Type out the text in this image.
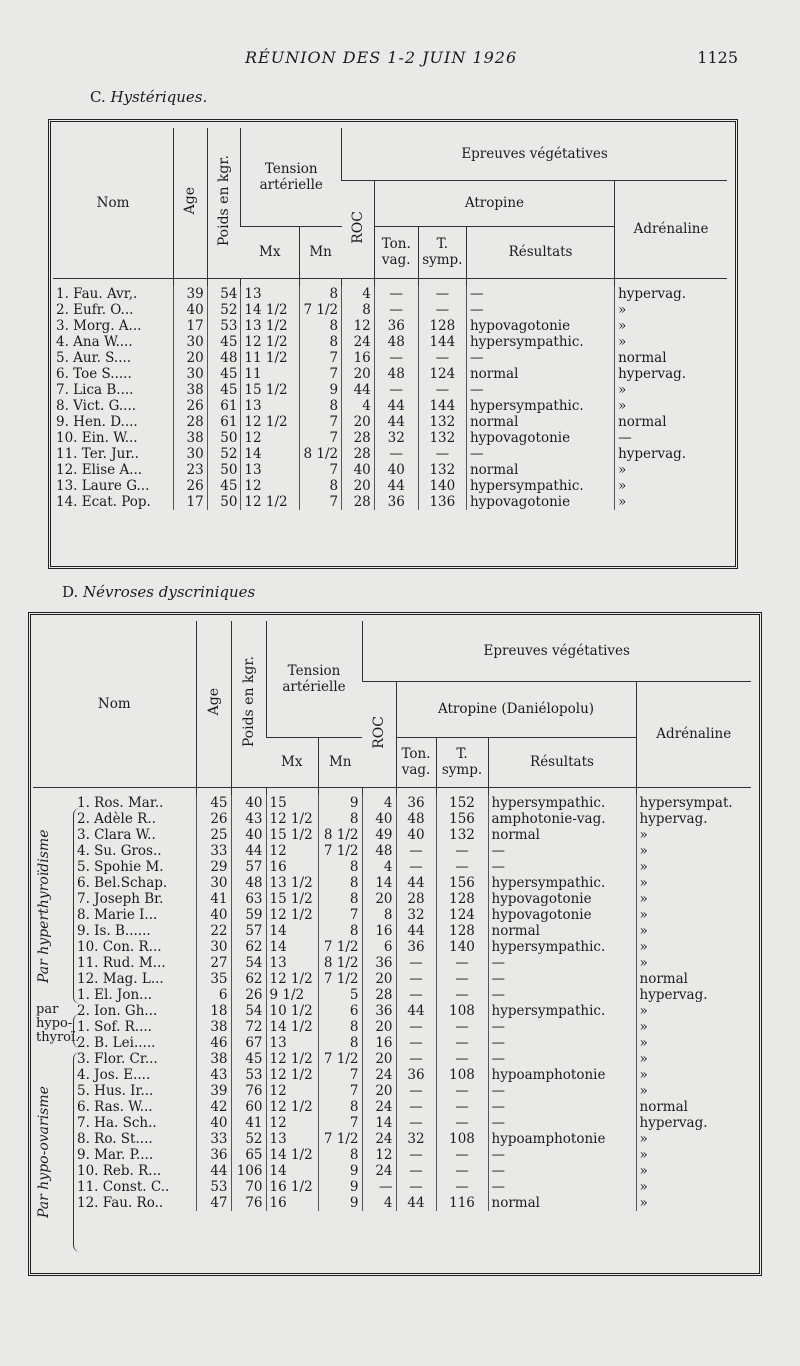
RÉUNION DES 1-2 JUIN 1926	1125
C. Hystériques.
Nom	Age	Poids en kgr.	Tension artérielle		Epreuves végétatives				
					ROC	Atropine			Adrénaline
			Mx	Mn		Ton. vag.	T. symp.	Résultats	

1. Fau. Avr,.	39	54	13	8	4	—	—	—	hypervag.
2. Eufr. O...	40	52	14 1/2	7 1/2	8	—	—	—	»
3. Morg. A...	17	53	13 1/2	8	12	36	128	hypovagotonie	»
4. Ana W....	30	45	12 1/2	8	24	48	144	hypersympathic.	»
5. Aur. S....	20	48	11 1/2	7	16	—	—	—	normal
6. Toe S.....	30	45	11	7	20	48	124	normal	hypervag.
7. Lica B....	38	45	15 1/2	9	44	—	—	—	»
8. Vict. G....	26	61	13	8	4	44	144	hypersympathic.	»
9. Hen. D....	28	61	12 1/2	7	20	44	132	normal	normal
10. Ein. W...	38	50	12	7	28	32	132	hypovagotonie	—
11. Ter. Jur..	30	52	14	8 1/2	28	—	—	—	hypervag.
12. Elise A...	23	50	13	7	40	40	132	normal	»
13. Laure G...	26	45	12	8	20	44	140	hypersympathic.	»
14. Ecat. Pop.	17	50	12 1/2	7	28	36	136	hypovagotonie	»
D. Névroses dyscriniques
Nom	Age	Poids en kgr.	Tension artérielle		Epreuves végétatives				
					ROC	Atropine (Daniélopolu)			Adrénaline
			Mx	Mn		Ton. vag.	T. symp.	Résultats	

1. Ros. Mar..	45	40	15	9	4	36	152	hypersympathic.	hypersympat.
2. Adèle R..	26	43	12 1/2	8	40	48	156	amphotonie-vag.	hypervag.
3. Clara W..	25	40	15 1/2	8 1/2	49	40	132	normal	»
4. Su. Gros..	33	44	12	7 1/2	48	—	—	—	»
5. Spohie M.	29	57	16	8	4	—	—	—	»
6. Bel.Schap.	30	48	13 1/2	8	14	44	156	hypersympathic.	»
7. Joseph Br.	41	63	15 1/2	8	20	28	128	hypovagotonie	»
8. Marie I...	40	59	12 1/2	7	8	32	124	hypovagotonie	»
9. Is. B......	22	57	14	8	16	44	128	normal	»
10. Con. R...	30	62	14	7 1/2	6	36	140	hypersympathic.	»
11. Rud. M...	27	54	13	8 1/2	36	—	—	—	»
12. Mag. L...	35	62	12 1/2	7 1/2	20	—	—	—	normal
1. El. Jon...	6	26	9 1/2	5	28	—	—	—	hypervag.
2. Ion. Gh...	18	54	10 1/2	6	36	44	108	hypersympathic.	»
1. Sof. R....	38	72	14 1/2	8	20	—	—	—	»
2. B. Lei.....	46	67	13	8	16	—	—	—	»
3. Flor. Cr...	38	45	12 1/2	7 1/2	20	—	—	—	»
4. Jos. E....	43	53	12 1/2	7	24	36	108	hypoamphotonie	»
5. Hus. Ir...	39	76	12	7	20	—	—	—	»
6. Ras. W...	42	60	12 1/2	8	24	—	—	—	normal
7. Ha. Sch..	40	41	12	7	14	—	—	—	hypervag.
8. Ro. St....	33	52	13	7 1/2	24	32	108	hypoamphotonie	»
9. Mar. P....	36	65	14 1/2	8	12	—	—	—	»
10. Reb. R...	44	106	14	9	24	—	—	—	»
11. Const. C..	53	70	16 1/2	9	—	—	—	—	»
12. Fau. Ro..	47	76	16	9	4	44	116	normal	»
Par hyperthyroïdisme
par hypo-thyroï.
Par hypo-ovarisme
